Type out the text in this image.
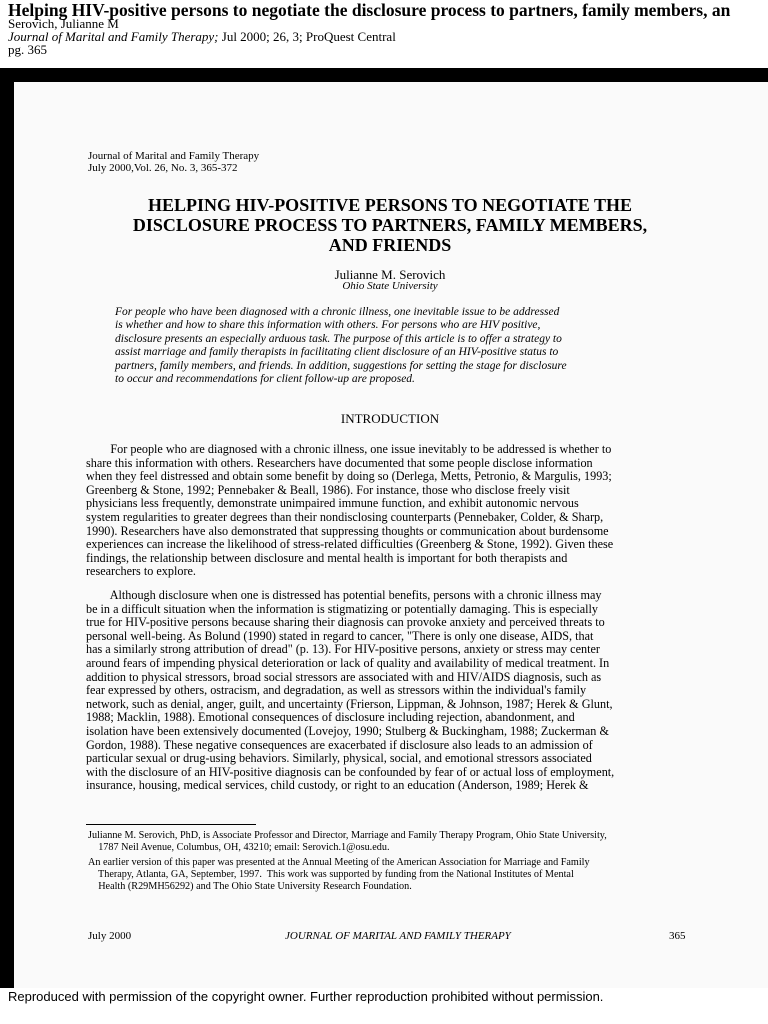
Helping HIV-positive persons to negotiate the disclosure process to partners, family members, an
Serovich, Julianne M
Journal of Marital and Family Therapy; Jul 2000; 26, 3; ProQuest Central
pg. 365
Journal of Marital and Family Therapy
July 2000,Vol. 26, No. 3, 365-372
HELPING HIV-POSITIVE PERSONS TO NEGOTIATE THE
DISCLOSURE PROCESS TO PARTNERS, FAMILY MEMBERS,
AND FRIENDS
Julianne M. Serovich
Ohio State University
For people who have been diagnosed with a chronic illness, one inevitable issue to be addressed
is whether and how to share this information with others. For persons who are HIV positive,
disclosure presents an especially arduous task. The purpose of this article is to offer a strategy to
assist marriage and family therapists in facilitating client disclosure of an HIV-positive status to
partners, family members, and friends. In addition, suggestions for setting the stage for disclosure
to occur and recommendations for client follow-up are proposed.
INTRODUCTION
For people who are diagnosed with a chronic illness, one issue inevitably to be addressed is whether to
share this information with others. Researchers have documented that some people disclose information
when they feel distressed and obtain some benefit by doing so (Derlega, Metts, Petronio, & Margulis, 1993;
Greenberg & Stone, 1992; Pennebaker & Beall, 1986). For instance, those who disclose freely visit
physicians less frequently, demonstrate unimpaired immune function, and exhibit autonomic nervous
system regularities to greater degrees than their nondisclosing counterparts (Pennebaker, Colder, & Sharp,
1990). Researchers have also demonstrated that suppressing thoughts or communication about burdensome
experiences can increase the likelihood of stress-related difficulties (Greenberg & Stone, 1992). Given these
findings, the relationship between disclosure and mental health is important for both therapists and
researchers to explore.
Although disclosure when one is distressed has potential benefits, persons with a chronic illness may
be in a difficult situation when the information is stigmatizing or potentially damaging. This is especially
true for HIV-positive persons because sharing their diagnosis can provoke anxiety and perceived threats to
personal well-being. As Bolund (1990) stated in regard to cancer, "There is only one disease, AIDS, that
has a similarly strong attribution of dread" (p. 13). For HIV-positive persons, anxiety or stress may center
around fears of impending physical deterioration or lack of quality and availability of medical treatment. In
addition to physical stressors, broad social stressors are associated with and HIV/AIDS diagnosis, such as
fear expressed by others, ostracism, and degradation, as well as stressors within the individual's family
network, such as denial, anger, guilt, and uncertainty (Frierson, Lippman, & Johnson, 1987; Herek & Glunt,
1988; Macklin, 1988). Emotional consequences of disclosure including rejection, abandonment, and
isolation have been extensively documented (Lovejoy, 1990; Stulberg & Buckingham, 1988; Zuckerman &
Gordon, 1988). These negative consequences are exacerbated if disclosure also leads to an admission of
particular sexual or drug-using behaviors. Similarly, physical, social, and emotional stressors associated
with the disclosure of an HIV-positive diagnosis can be confounded by fear of or actual loss of employment,
insurance, housing, medical services, child custody, or right to an education (Anderson, 1989; Herek &
Julianne M. Serovich, PhD, is Associate Professor and Director, Marriage and Family Therapy Program, Ohio State University,
1787 Neil Avenue, Columbus, OH, 43210; email: Serovich.1@osu.edu.
An earlier version of this paper was presented at the Annual Meeting of the American Association for Marriage and Family
Therapy, Atlanta, GA, September, 1997.  This work was supported by funding from the National Institutes of Mental
Health (R29MH56292) and The Ohio State University Research Foundation.
July 2000	JOURNAL OF MARITAL AND FAMILY THERAPY	365
Reproduced with permission of the copyright owner. Further reproduction prohibited without permission.
